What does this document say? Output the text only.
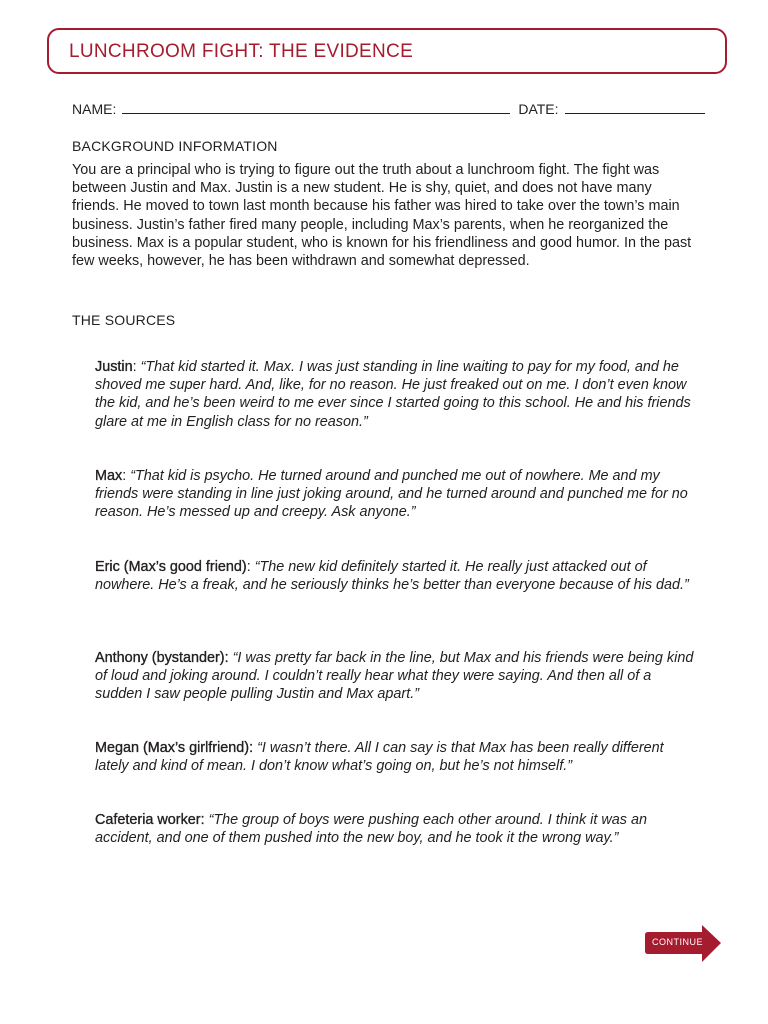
LUNCHROOM FIGHT: THE EVIDENCE
NAME:	DATE:
BACKGROUND INFORMATION

You are a principal who is trying to figure out the truth about a lunchroom fight. The fight was between Justin and Max. Justin is a new student. He is shy, quiet, and does not have many friends. He moved to town last month because his father was hired to take over the town’s main business. Justin’s father fired many people, including Max’s parents, when he reorganized the business. Max is a popular student, who is known for his friendliness and good humor. In the past few weeks, however, he has been withdrawn and somewhat depressed.

THE SOURCES

Justin: “That kid started it. Max. I was just standing in line waiting to pay for my food, and he shoved me super hard. And, like, for no reason. He just freaked out on me. I don’t even know the kid, and he’s been weird to me ever since I started going to this school. He and his friends glare at me in English class for no reason.”

Max: “That kid is psycho. He turned around and punched me out of nowhere. Me and my friends were standing in line just joking around, and he turned around and punched me for no reason. He’s messed up and creepy. Ask anyone.”

Eric (Max’s good friend): “The new kid definitely started it. He really just attacked out of nowhere. He’s a freak, and he seriously thinks he’s better than everyone because of his dad.”

Anthony (bystander): “I was pretty far back in the line, but Max and his friends were being kind of loud and joking around. I couldn’t really hear what they were saying. And then all of a sudden I saw people pulling Justin and Max apart.”

Megan (Max’s girlfriend): “I wasn’t there. All I can say is that Max has been really different lately and kind of mean. I don’t know what’s going on, but he’s not himself.”

Cafeteria worker: “The group of boys were pushing each other around. I think it was an accident, and one of them pushed into the new boy, and he took it the wrong way.”

CONTINUE
